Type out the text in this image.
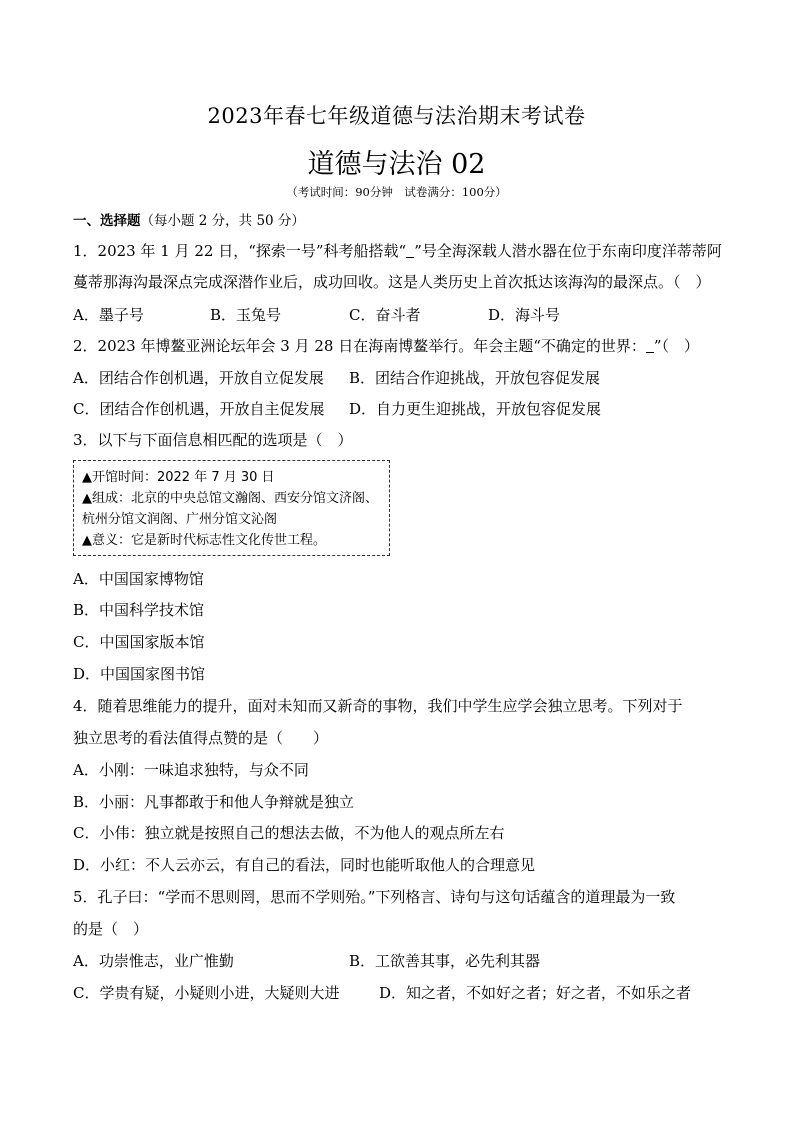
2023年春七年级道德与法治期末考试卷
道德与法治 02
（考试时间：90分钟　试卷满分：100分）
一、选择题（每小题 2 分，共 50 分）
1．2023 年 1 月 22 日，“探索一号”科考船搭载“ ”号全海深载人潜水器在位于东南印度洋蒂蒂阿
蔓蒂那海沟最深点完成深潜作业后，成功回收。这是人类历史上首次抵达该海沟的最深点。（　）
A．墨子号	B．玉兔号	C．奋斗者	D．海斗号
2．2023 年博鳌亚洲论坛年会 3 月 28 日在海南博鳌举行。年会主题“不确定的世界： ”（　）
A．团结合作创机遇，开放自立促发展 B．团结合作迎挑战，开放包容促发展
C．团结合作创机遇，开放自主促发展 D．自力更生迎挑战，开放包容促发展
3．以下与下面信息相匹配的选项是（　）
▲开馆时间：2022 年 7 月 30 日
▲组成：北京的中央总馆文瀚阁、西安分馆文济阁、
杭州分馆文润阁、广州分馆文沁阁
▲意义：它是新时代标志性文化传世工程。
A．中国国家博物馆
B．中国科学技术馆
C．中国国家版本馆
D．中国国家图书馆
4．随着思维能力的提升，面对未知而又新奇的事物，我们中学生应学会独立思考。下列对于
独立思考的看法值得点赞的是（　　）
A．小刚：一味追求独特，与众不同
B．小丽：凡事都敢于和他人争辩就是独立
C．小伟：独立就是按照自己的想法去做，不为他人的观点所左右
D．小红：不人云亦云，有自己的看法，同时也能听取他人的合理意见
5．孔子曰：“学而不思则罔，思而不学则殆。”下列格言、诗句与这句话蕴含的道理最为一致
的是（　）
A．功崇惟志，业广惟勤	B．工欲善其事，必先利其器
C．学贵有疑，小疑则小进，大疑则大进	D．知之者，不如好之者；好之者，不如乐之者
